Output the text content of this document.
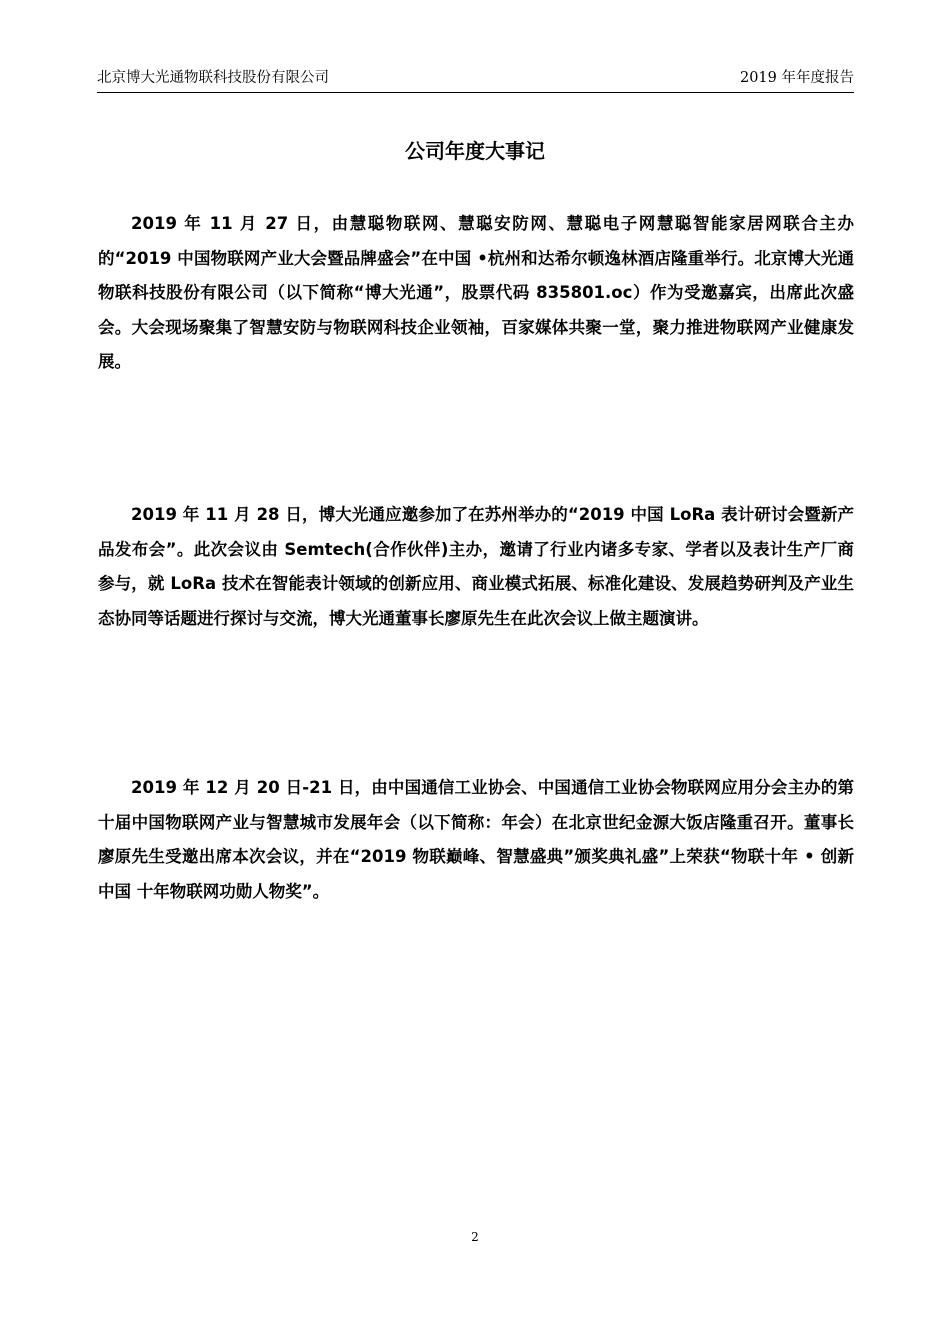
北京博大光通物联科技股份有限公司	2019 年年度报告
公司年度大事记

2019 年 11 月 27 日，由慧聪物联网、慧聪安防网、慧聪电子网慧聪智能家居网联合主办的“2019 中国物联网产业大会暨品牌盛会”在中国 •杭州和达希尔顿逸林酒店隆重举行。北京博大光通物联科技股份有限公司（以下简称“博大光通”，股票代码 835801.oc）作为受邀嘉宾，出席此次盛会。大会现场聚集了智慧安防与物联网科技企业领袖，百家媒体共聚一堂，聚力推进物联网产业健康发展。

2019 年 11 月 28 日，博大光通应邀参加了在苏州举办的“2019 中国 LoRa 表计研讨会暨新产品发布会”。此次会议由 Semtech(合作伙伴)主办，邀请了行业内诸多专家、学者以及表计生产厂商参与，就 LoRa 技术在智能表计领域的创新应用、商业模式拓展、标准化建设、发展趋势研判及产业生态协同等话题进行探讨与交流，博大光通董事长廖原先生在此次会议上做主题演讲。

2019 年 12 月 20 日-21 日，由中国通信工业协会、中国通信工业协会物联网应用分会主办的第十届中国物联网产业与智慧城市发展年会（以下简称：年会）在北京世纪金源大饭店隆重召开。董事长廖原先生受邀出席本次会议，并在“2019 物联巅峰、智慧盛典”颁奖典礼盛”上荣获“物联十年 • 创新中国 十年物联网功勋人物奖”。

2
